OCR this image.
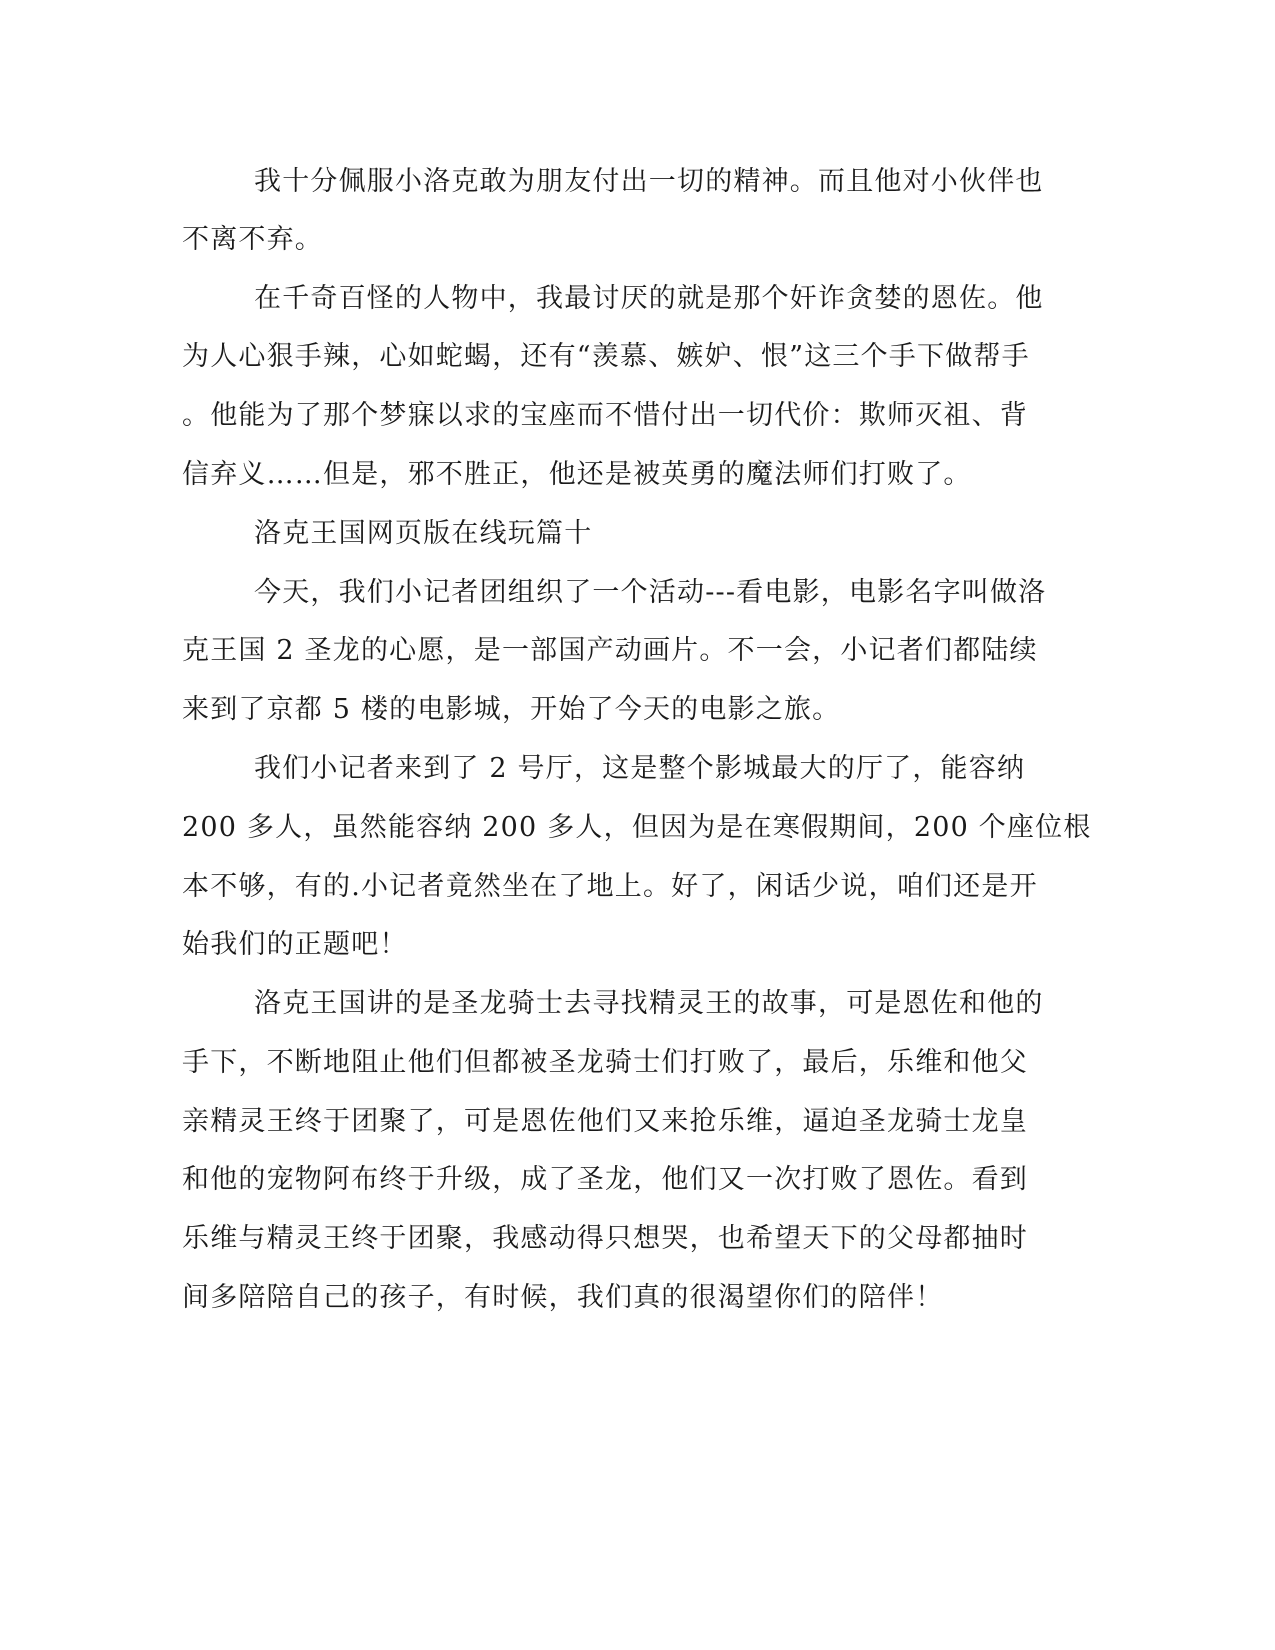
我十分佩服小洛克敢为朋友付出一切的精神。而且他对小伙伴也

不离不弃。

在千奇百怪的人物中，我最讨厌的就是那个奸诈贪婪的恩佐。他

为人心狠手辣，心如蛇蝎，还有“羡慕、嫉妒、恨”这三个手下做帮手

。他能为了那个梦寐以求的宝座而不惜付出一切代价：欺师灭祖、背

信弃义……但是，邪不胜正，他还是被英勇的魔法师们打败了。

洛克王国网页版在线玩篇十

今天，我们小记者团组织了一个活动---看电影，电影名字叫做洛

克王国 2 圣龙的心愿，是一部国产动画片。不一会，小记者们都陆续

来到了京都 5 楼的电影城，开始了今天的电影之旅。

我们小记者来到了 2 号厅，这是整个影城最大的厅了，能容纳

200 多人，虽然能容纳 200 多人，但因为是在寒假期间，200 个座位根

本不够，有的.小记者竟然坐在了地上。好了，闲话少说，咱们还是开

始我们的正题吧！

洛克王国讲的是圣龙骑士去寻找精灵王的故事，可是恩佐和他的

手下，不断地阻止他们但都被圣龙骑士们打败了，最后，乐维和他父

亲精灵王终于团聚了，可是恩佐他们又来抢乐维，逼迫圣龙骑士龙皇

和他的宠物阿布终于升级，成了圣龙，他们又一次打败了恩佐。看到

乐维与精灵王终于团聚，我感动得只想哭，也希望天下的父母都抽时

间多陪陪自己的孩子，有时候，我们真的很渴望你们的陪伴！
